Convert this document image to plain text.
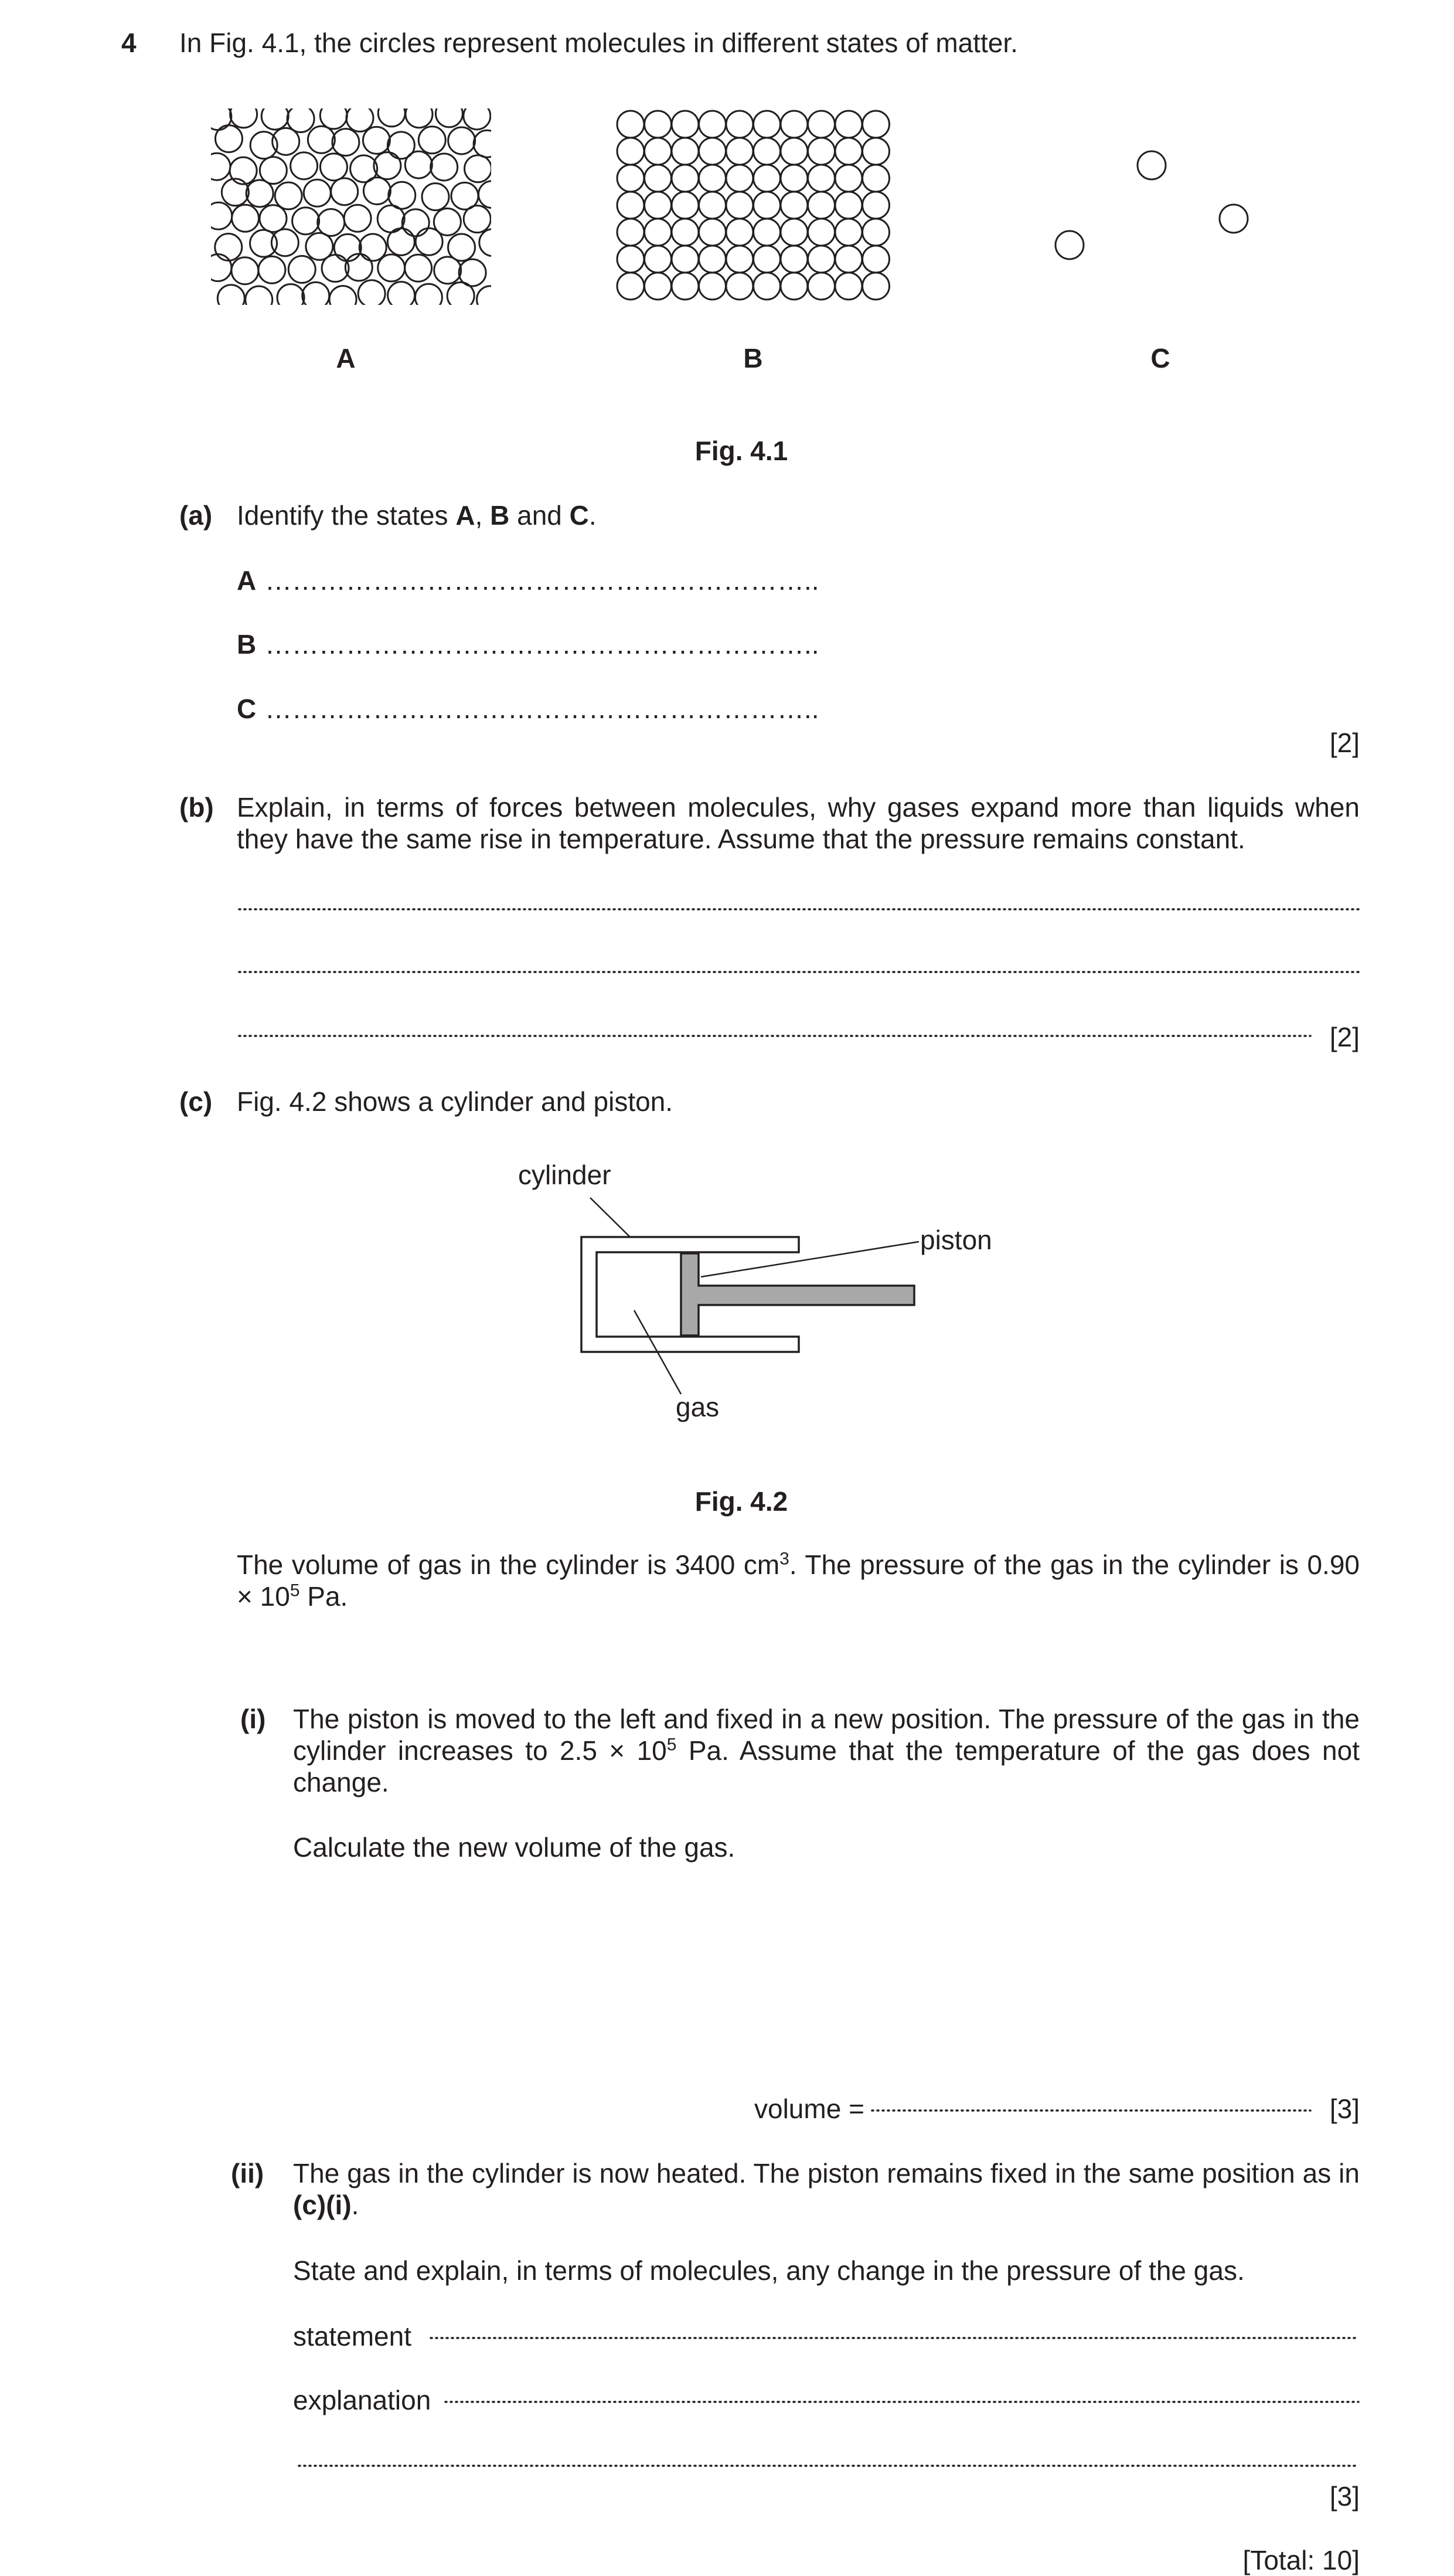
4 In Fig. 4.1, the circles represent molecules in different states of matter.
A	B	C
Fig. 4.1
(a) Identify the states A, B and C.
A ……………………………………………………..
B ……………………………………………………..
C ……………………………………………………..
[2]
(b) Explain, in terms of forces between molecules, why gases expand more than liquids when they have the same rise in temperature. Assume that the pressure remains constant.
[2]
(c) Fig. 4.2 shows a cylinder and piston.
cylinder
piston
gas
Fig. 4.2
The volume of gas in the cylinder is 3400 $cm^3$. The pressure of the gas in the cylinder is $0.90 \times 10^5$ Pa.
(i) The piston is moved to the left and fixed in a new position. The pressure of the gas in the cylinder increases to $2.5 \times 10^5$ Pa. Assume that the temperature of the gas does not change.
Calculate the new volume of the gas.
volume =	[3]
(ii) The gas in the cylinder is now heated. The piston remains fixed in the same position as in (c)(i).
State and explain, in terms of molecules, any change in the pressure of the gas.
statement
explanation
[3]
[Total: 10]
